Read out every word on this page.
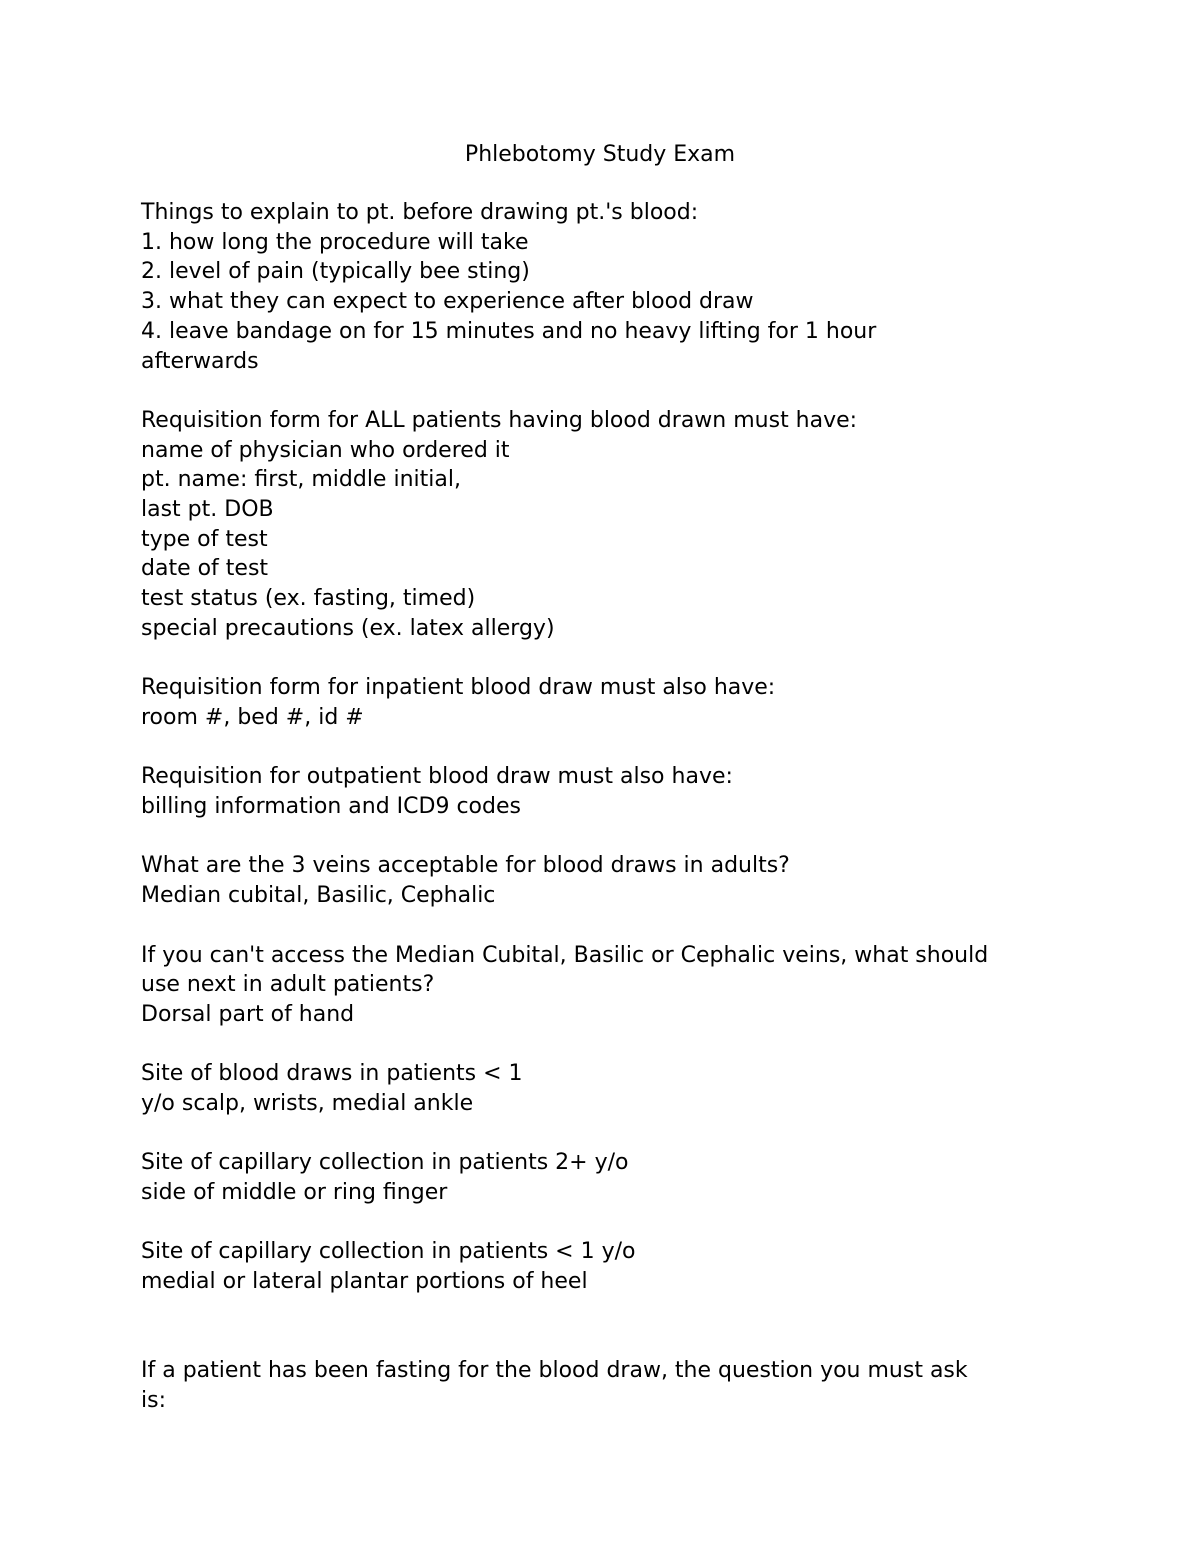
Phlebotomy Study Exam
Things to explain to pt. before drawing pt.'s blood:
1. how long the procedure will take
2. level of pain (typically bee sting)
3. what they can expect to experience after blood draw
4. leave bandage on for 15 minutes and no heavy lifting for 1 hour
afterwards
Requisition form for ALL patients having blood drawn must have:
name of physician who ordered it
pt. name: first, middle initial,
last pt. DOB
type of test
date of test
test status (ex. fasting, timed)
special precautions (ex. latex allergy)
Requisition form for inpatient blood draw must also have:
room #, bed #, id #
Requisition for outpatient blood draw must also have:
billing information and ICD9 codes
What are the 3 veins acceptable for blood draws in adults?
Median cubital, Basilic, Cephalic
If you can't access the Median Cubital, Basilic or Cephalic veins, what should
use next in adult patients?
Dorsal part of hand
Site of blood draws in patients < 1
y/o scalp, wrists, medial ankle
Site of capillary collection in patients 2+ y/o
side of middle or ring finger
Site of capillary collection in patients < 1 y/o
medial or lateral plantar portions of heel
If a patient has been fasting for the blood draw, the question you must ask
is:
